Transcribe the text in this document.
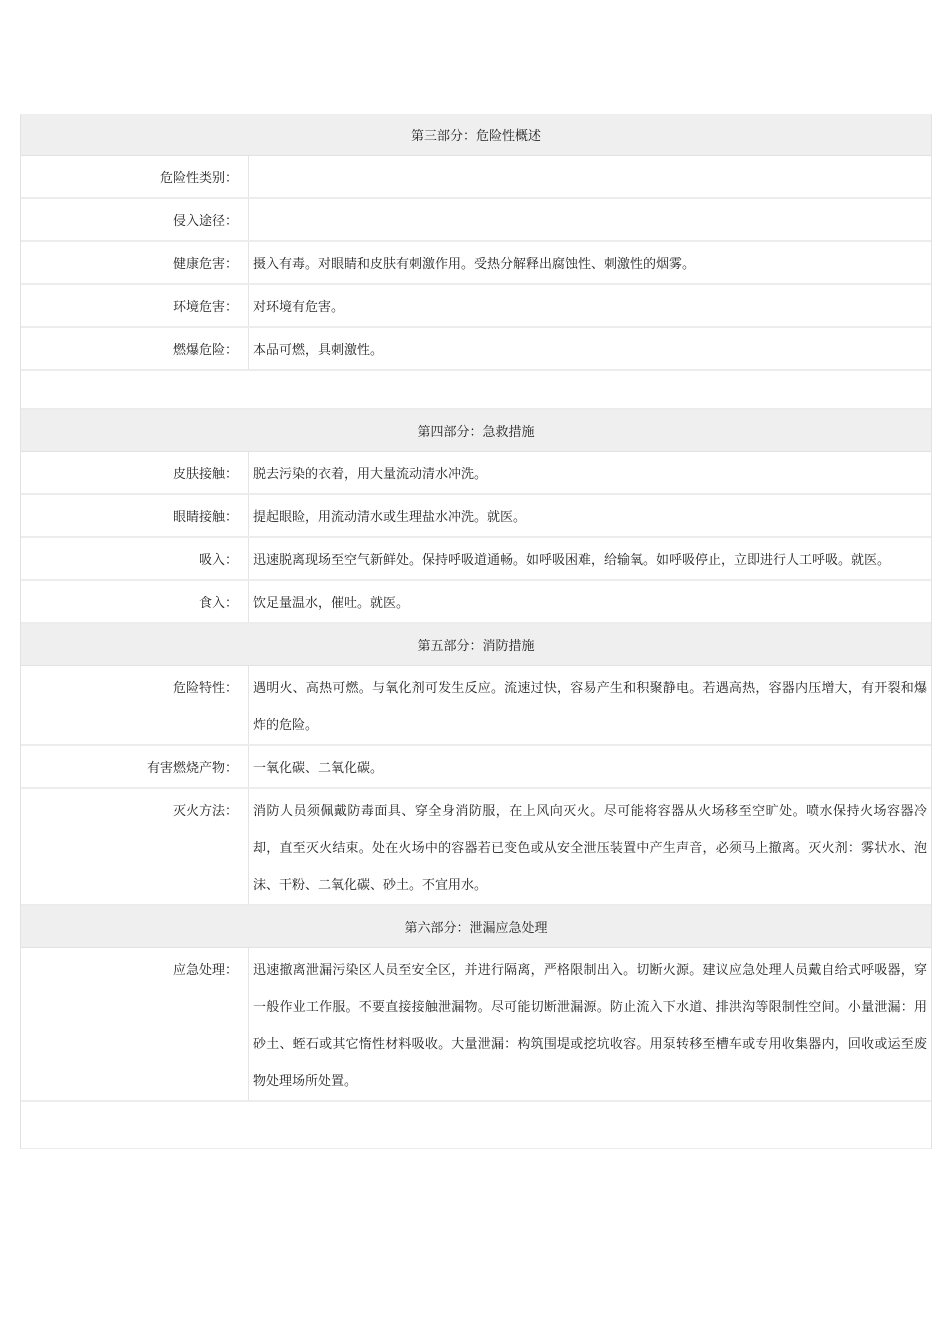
第三部分：危险性概述
危险性类别：
侵入途径：
健康危害：	摄入有毒。对眼睛和皮肤有刺激作用。受热分解释出腐蚀性、刺激性的烟雾。
环境危害：	对环境有危害。
燃爆危险：	本品可燃，具刺激性。
第四部分：急救措施
皮肤接触：	脱去污染的衣着，用大量流动清水冲洗。
眼睛接触：	提起眼睑，用流动清水或生理盐水冲洗。就医。
吸入：	迅速脱离现场至空气新鲜处。保持呼吸道通畅。如呼吸困难，给输氧。如呼吸停止，立即进行人工呼吸。就医。
食入：	饮足量温水，催吐。就医。
第五部分：消防措施
危险特性：	遇明火、高热可燃。与氧化剂可发生反应。流速过快，容易产生和积聚静电。若遇高热，容器内压增大，有开裂和爆炸的危险。
有害燃烧产物：	一氧化碳、二氧化碳。
灭火方法：	消防人员须佩戴防毒面具、穿全身消防服，在上风向灭火。尽可能将容器从火场移至空旷处。喷水保持火场容器冷却，直至灭火结束。处在火场中的容器若已变色或从安全泄压装置中产生声音，必须马上撤离。灭火剂：雾状水、泡沫、干粉、二氧化碳、砂土。不宜用水。
第六部分：泄漏应急处理
应急处理：	迅速撤离泄漏污染区人员至安全区，并进行隔离，严格限制出入。切断火源。建议应急处理人员戴自给式呼吸器，穿一般作业工作服。不要直接接触泄漏物。尽可能切断泄漏源。防止流入下水道、排洪沟等限制性空间。小量泄漏：用砂土、蛭石或其它惰性材料吸收。大量泄漏：构筑围堤或挖坑收容。用泵转移至槽车或专用收集器内，回收或运至废物处理场所处置。
